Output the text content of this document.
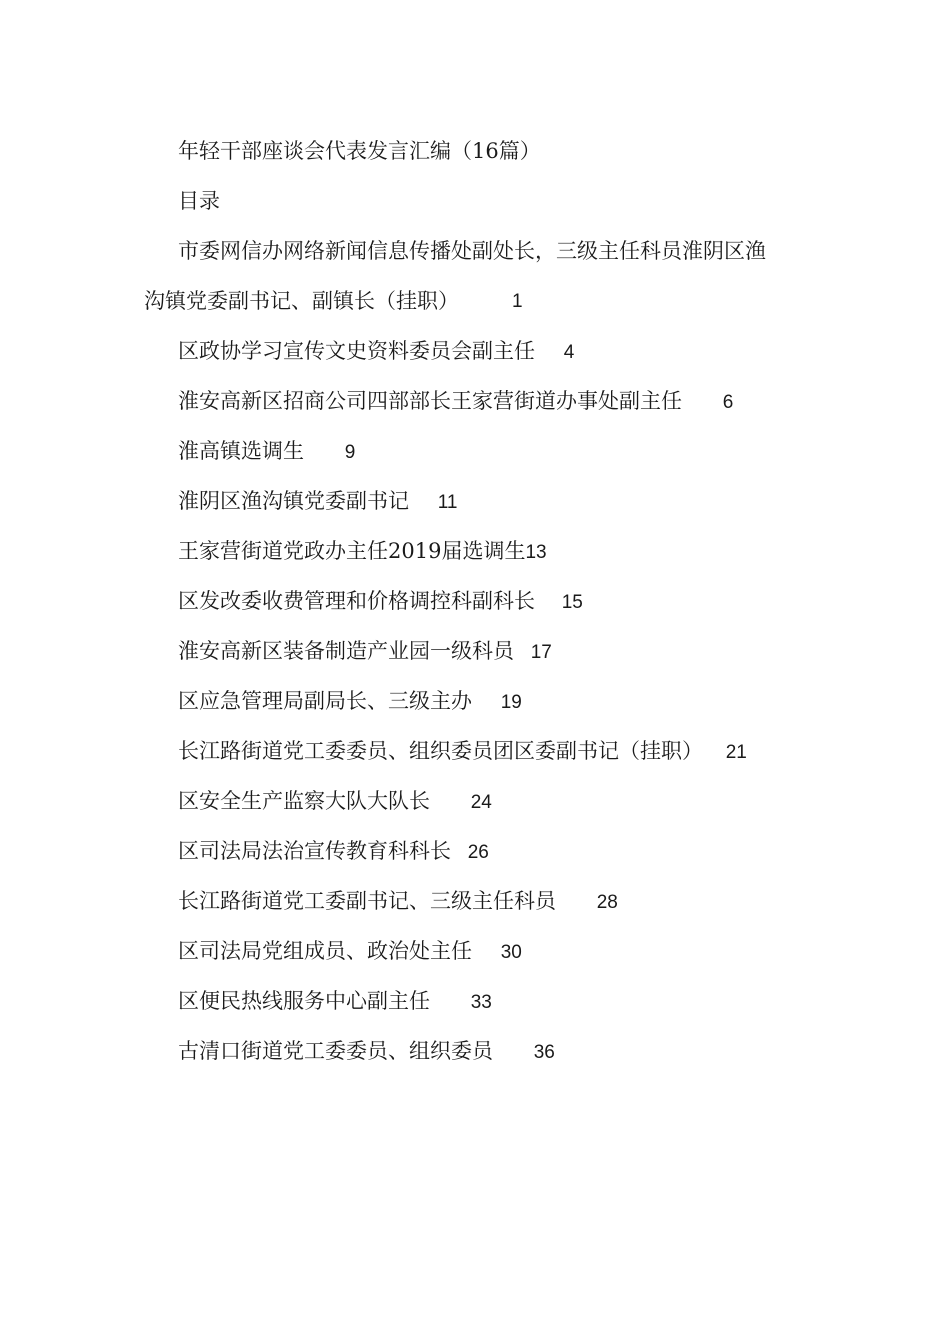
年轻干部座谈会代表发言汇编（16篇）
目录
市委网信办网络新闻信息传播处副处长，三级主任科员淮阴区渔
沟镇党委副书记、副镇长（挂职）	1
区政协学习宣传文史资料委员会副主任 4
淮安高新区招商公司四部部长王家营街道办事处副主任 6
淮高镇选调生 9
淮阴区渔沟镇党委副书记 11
王家营街道党政办主任2019届选调生13
区发改委收费管理和价格调控科副科长 15
淮安高新区装备制造产业园一级科员 17
区应急管理局副局长、三级主办 19
长江路街道党工委委员、组织委员团区委副书记（挂职） 21
区安全生产监察大队大队长 24
区司法局法治宣传教育科科长 26
长江路街道党工委副书记、三级主任科员 28
区司法局党组成员、政治处主任 30
区便民热线服务中心副主任 33
古清口街道党工委委员、组织委员 36
